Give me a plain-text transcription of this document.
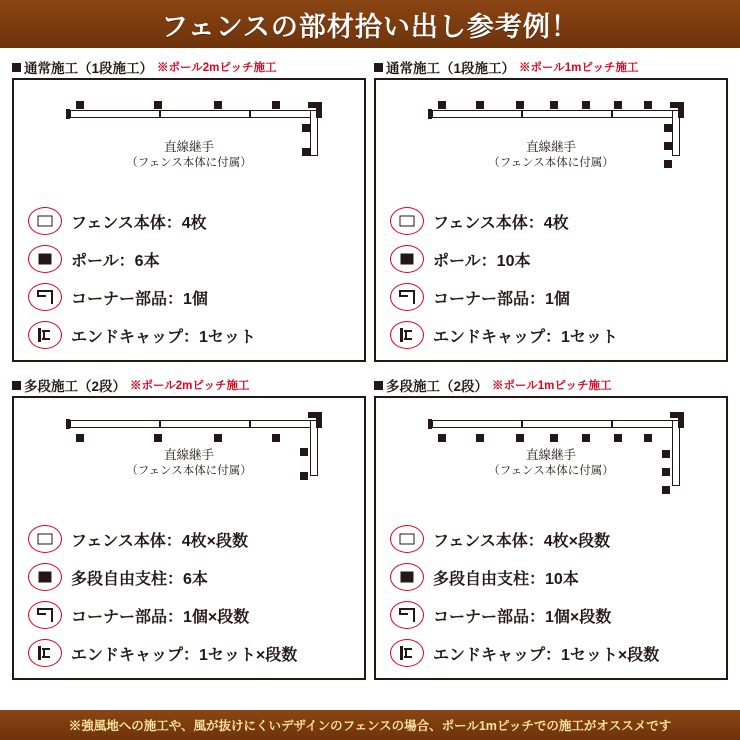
フェンスの部材拾い出し参考例！
通常施工（1段施工） ※ポール2mピッチ施工
直線継手
（フェンス本体に付属）
フェンス本体：4枚
ポール：6本
コーナー部品：1個
エンドキャップ：1セット
通常施工（1段施工） ※ポール1mピッチ施工
直線継手
（フェンス本体に付属）
フェンス本体：4枚
ポール：10本
コーナー部品：1個
エンドキャップ：1セット
多段施工（2段） ※ポール2mピッチ施工
直線継手
（フェンス本体に付属）
フェンス本体：4枚×段数
多段自由支柱：6本
コーナー部品：1個×段数
エンドキャップ：1セット×段数
多段施工（2段） ※ポール1mピッチ施工
直線継手
（フェンス本体に付属）
フェンス本体：4枚×段数
多段自由支柱：10本
コーナー部品：1個×段数
エンドキャップ：1セット×段数
※強風地への施工や、風が抜けにくいデザインのフェンスの場合、ポール1mピッチでの施工がオススメです
